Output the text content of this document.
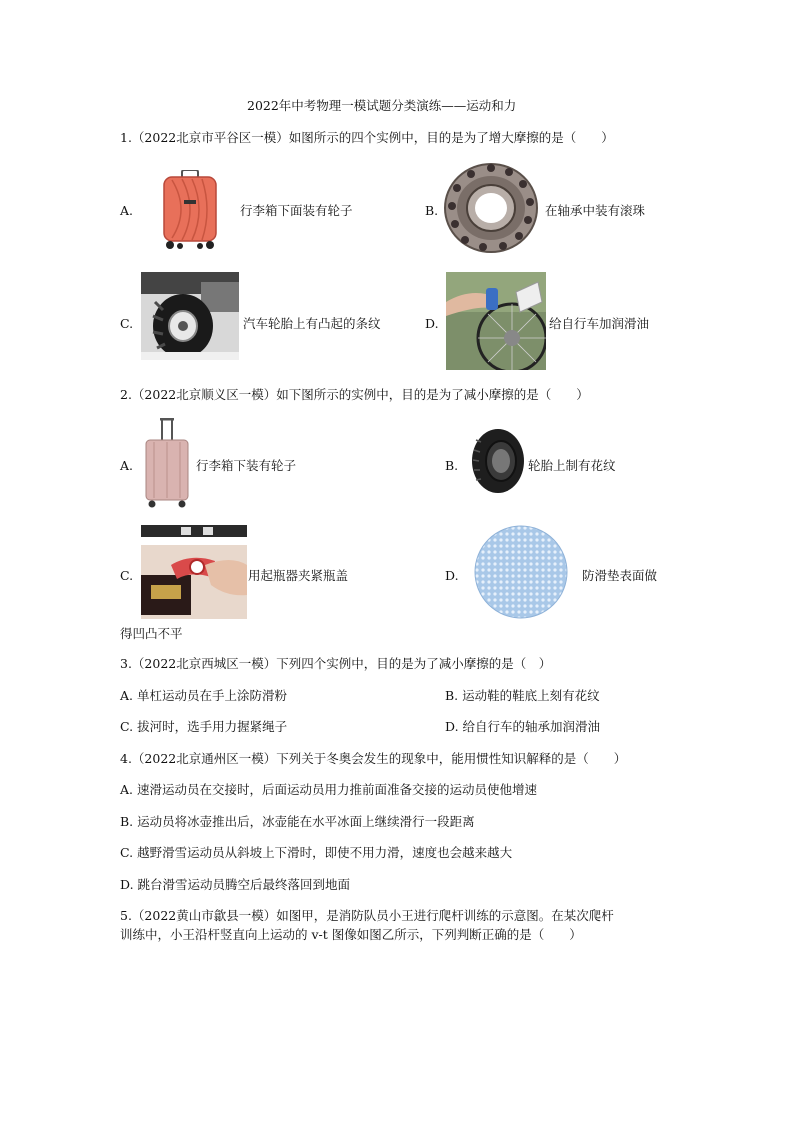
2022年中考物理一模试题分类演练——运动和力
1.（2022北京市平谷区一模）如图所示的四个实例中，目的是为了增大摩擦的是（　　）
A.	行李箱下面装有轮子	B.	在轴承中装有滚珠
C.	汽车轮胎上有凸起的条纹	D.	给自行车加润滑油
2.（2022北京顺义区一模）如下图所示的实例中，目的是为了减小摩擦的是（　　）
A.	行李箱下装有轮子	B.	轮胎上制有花纹
C.	用起瓶器夹紧瓶盖	D.	防滑垫表面做
得凹凸不平
3.（2022北京西城区一模）下列四个实例中，目的是为了减小摩擦的是（　）
A. 单杠运动员在手上涂防滑粉	B. 运动鞋的鞋底上刻有花纹
C. 拔河时，选手用力握紧绳子	D. 给自行车的轴承加润滑油
4.（2022北京通州区一模）下列关于冬奥会发生的现象中，能用惯性知识解释的是（　　）
A. 速滑运动员在交接时，后面运动员用力推前面准备交接的运动员使他增速
B. 运动员将冰壶推出后，冰壶能在水平冰面上继续滑行一段距离
C. 越野滑雪运动员从斜坡上下滑时，即使不用力滑，速度也会越来越大
D. 跳台滑雪运动员腾空后最终落回到地面
5.（2022黄山市歙县一模）如图甲，是消防队员小王进行爬杆训练的示意图。在某次爬杆
训练中，小王沿杆竖直向上运动的 v-t 图像如图乙所示，下列判断正确的是（　　）
